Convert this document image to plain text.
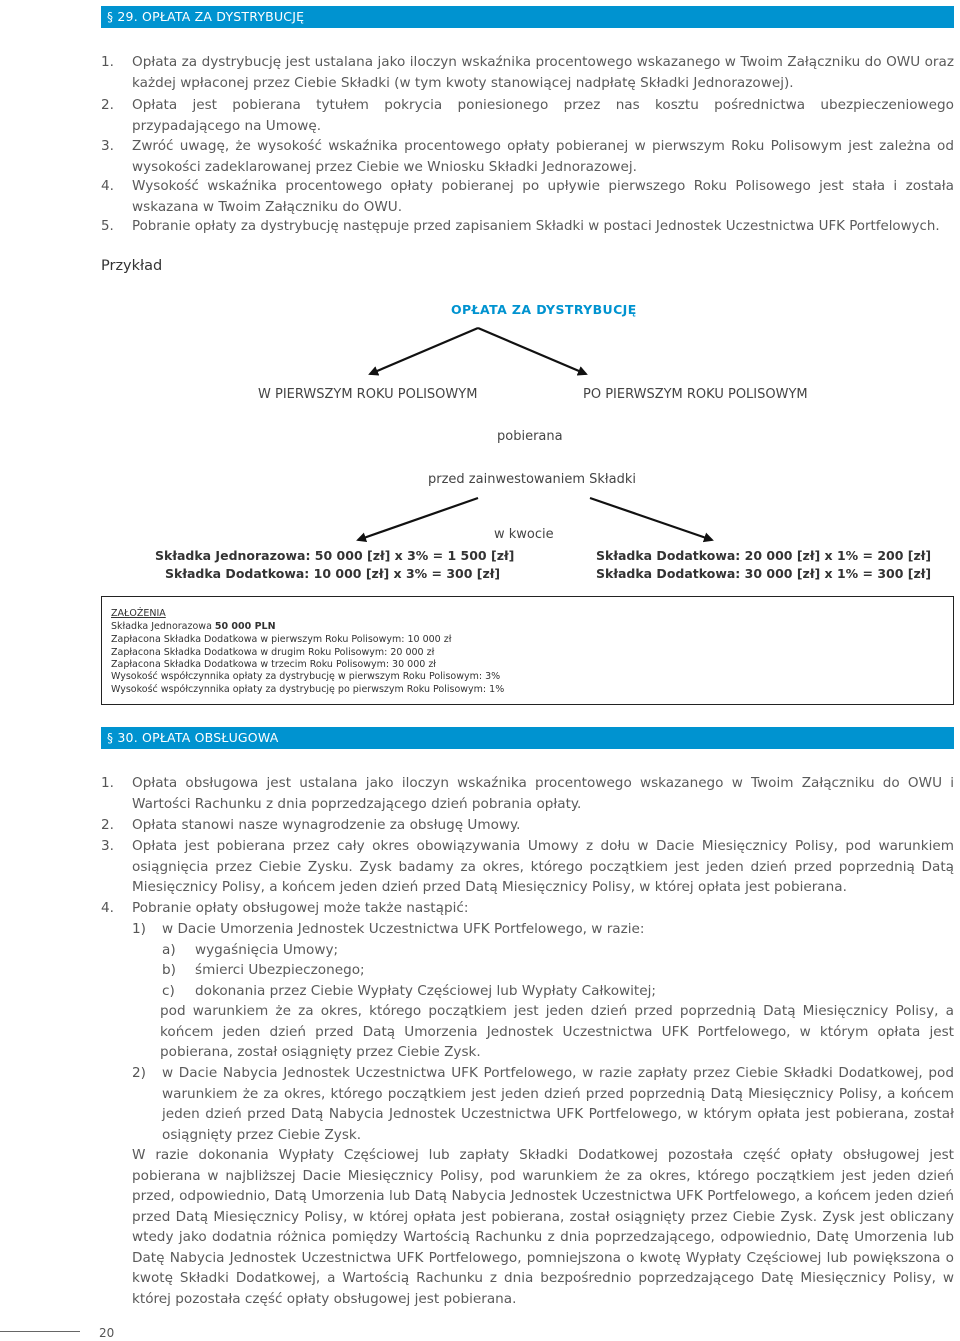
§ 29. OPŁATA ZA DYSTRYBUCJĘ
1.	Opłata za dystrybucję jest ustalana jako iloczyn wskaźnika procentowego wskazanego w Twoim Załączniku do OWU oraz każdej wpłaconej przez Ciebie Składki (w tym kwoty stanowiącej nadpłatę Składki Jednorazowej).
2.	Opłata jest pobierana tytułem pokrycia poniesionego przez nas kosztu pośrednictwa ubezpieczeniowego przypadającego na Umowę.
3.	Zwróć uwagę, że wysokość wskaźnika procentowego opłaty pobieranej w pierwszym Roku Polisowym jest zależna od wysokości zadeklarowanej przez Ciebie we Wniosku Składki Jednorazowej.
4.	Wysokość wskaźnika procentowego opłaty pobieranej po upływie pierwszego Roku Polisowego jest stała i została wskazana w Twoim Załączniku do OWU.
5.	Pobranie opłaty za dystrybucję następuje przed zapisaniem Składki w postaci Jednostek Uczestnictwa UFK Portfelowych.
Przykład
OPŁATA ZA DYSTRYBUCJĘ
W PIERWSZYM ROKU POLISOWYM	PO PIERWSZYM ROKU POLISOWYM
pobierana
przed zainwestowaniem Składki
w kwocie
Składka Jednorazowa: 50 000 [zł] x 3% = 1 500 [zł]
Składka Dodatkowa: 10 000 [zł] x 3% = 300 [zł]
Składka Dodatkowa: 20 000 [zł] x 1% = 200 [zł]
Składka Dodatkowa: 30 000 [zł] x 1% = 300 [zł]
ZAŁOŻENIA
Składka Jednorazowa 50 000 PLN
Zapłacona Składka Dodatkowa w pierwszym Roku Polisowym: 10 000 zł
Zapłacona Składka Dodatkowa w drugim Roku Polisowym: 20 000 zł
Zapłacona Składka Dodatkowa w trzecim Roku Polisowym: 30 000 zł
Wysokość współczynnika opłaty za dystrybucję w pierwszym Roku Polisowym: 3%
Wysokość współczynnika opłaty za dystrybucję po pierwszym Roku Polisowym: 1%
§ 30. OPŁATA OBSŁUGOWA
1.	Opłata obsługowa jest ustalana jako iloczyn wskaźnika procentowego wskazanego w Twoim Załączniku do OWU i Wartości Rachunku z dnia poprzedzającego dzień pobrania opłaty.
2.	Opłata stanowi nasze wynagrodzenie za obsługę Umowy.
3.	Opłata jest pobierana przez cały okres obowiązywania Umowy z dołu w Dacie Miesięcznicy Polisy, pod warunkiem osiągnięcia przez Ciebie Zysku. Zysk badamy za okres, którego początkiem jest jeden dzień przed poprzednią Datą Miesięcznicy Polisy, a końcem jeden dzień przed Datą Miesięcznicy Polisy, w której opłata jest pobierana.
4.	Pobranie opłaty obsługowej może także nastąpić:
1)	w Dacie Umorzenia Jednostek Uczestnictwa UFK Portfelowego, w razie:
a)	wygaśnięcia Umowy;
b)	śmierci Ubezpieczonego;
c)	dokonania przez Ciebie Wypłaty Częściowej lub Wypłaty Całkowitej;
pod warunkiem że za okres, którego początkiem jest jeden dzień przed poprzednią Datą Miesięcznicy Polisy, a końcem jeden dzień przed Datą Umorzenia Jednostek Uczestnictwa UFK Portfelowego, w którym opłata jest pobierana, został osiągnięty przez Ciebie Zysk.
2)	w Dacie Nabycia Jednostek Uczestnictwa UFK Portfelowego, w razie zapłaty przez Ciebie Składki Dodatkowej, pod warunkiem że za okres, którego początkiem jest jeden dzień przed poprzednią Datą Miesięcznicy Polisy, a końcem jeden dzień przed Datą Nabycia Jednostek Uczestnictwa UFK Portfelowego, w którym opłata jest pobierana, został osiągnięty przez Ciebie Zysk.
W razie dokonania Wypłaty Częściowej lub zapłaty Składki Dodatkowej pozostała część opłaty obsługowej jest pobierana w najbliższej Dacie Miesięcznicy Polisy, pod warunkiem że za okres, którego początkiem jest jeden dzień przed, odpowiednio, Datą Umorzenia lub Datą Nabycia Jednostek Uczestnictwa UFK Portfelowego, a końcem jeden dzień przed Datą Miesięcznicy Polisy, w której opłata jest pobierana, został osiągnięty przez Ciebie Zysk. Zysk jest obliczany wtedy jako dodatnia różnica pomiędzy Wartością Rachunku z dnia poprzedzającego, odpowiednio, Datę Umorzenia lub Datę Nabycia Jednostek Uczestnictwa UFK Portfelowego, pomniejszona o kwotę Wypłaty Częściowej lub powiększona o kwotę Składki Dodatkowej, a Wartością Rachunku z dnia bezpośrednio poprzedzającego Datę Miesięcznicy Polisy, w której pozostała część opłaty obsługowej jest pobierana.
20
